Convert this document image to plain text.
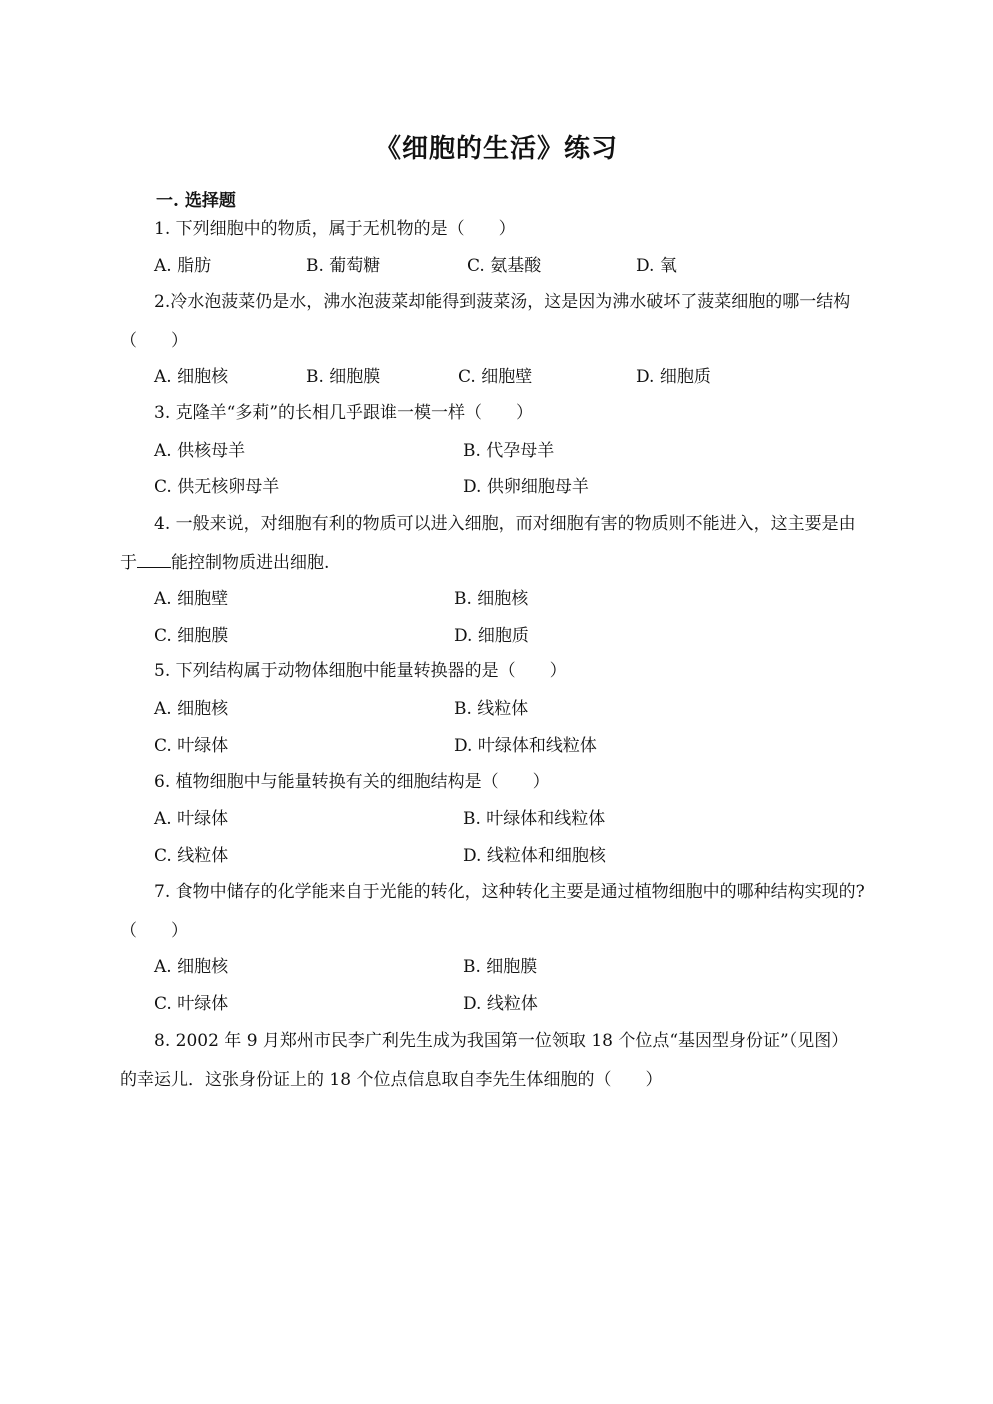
《细胞的生活》练习
一. 选择题
1. 下列细胞中的物质，属于无机物的是（　　）
A. 脂肪	B. 葡萄糖	C. 氨基酸	D. 氧
2.冷水泡菠菜仍是水，沸水泡菠菜却能得到菠菜汤，这是因为沸水破坏了菠菜细胞的哪一结构
（　　）
A. 细胞核	B. 细胞膜	C. 细胞壁	D. 细胞质
3. 克隆羊“多莉”的长相几乎跟谁一模一样（　　）
A. 供核母羊	B. 代孕母羊
C. 供无核卵母羊	D. 供卵细胞母羊
4. 一般来说，对细胞有利的物质可以进入细胞，而对细胞有害的物质则不能进入，这主要是由
于 能控制物质进出细胞.
A. 细胞壁	B. 细胞核
C. 细胞膜	D. 细胞质
5. 下列结构属于动物体细胞中能量转换器的是（　　）
A. 细胞核	B. 线粒体
C. 叶绿体	D. 叶绿体和线粒体
6. 植物细胞中与能量转换有关的细胞结构是（　　）
A. 叶绿体	B. 叶绿体和线粒体
C. 线粒体	D. 线粒体和细胞核
7. 食物中储存的化学能来自于光能的转化，这种转化主要是通过植物细胞中的哪种结构实现的?
（　　）
A. 细胞核	B. 细胞膜
C. 叶绿体	D. 线粒体
8. 2002 年 9 月郑州市民李广利先生成为我国第一位领取 18 个位点“基因型身份证”（见图）
的幸运儿．这张身份证上的 18 个位点信息取自李先生体细胞的（　　）
